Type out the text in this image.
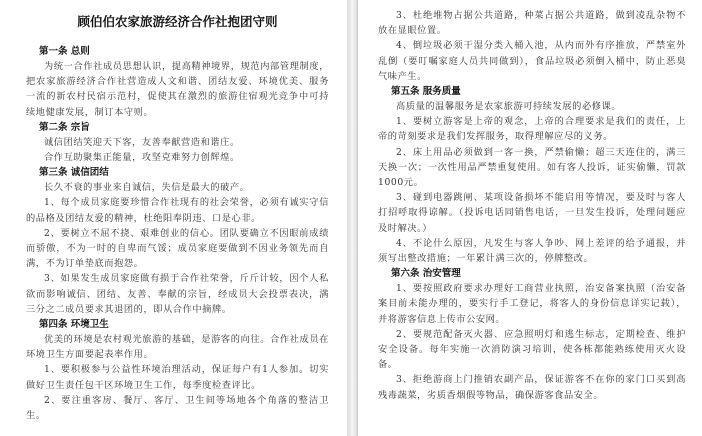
顾伯伯农家旅游经济合作社抱团守则
第一条 总则
为统一合作社成员思想认识，提高精神境界，规范内部管理制度，把农家旅游经济合作社营造成人文和谐、团结友爱、环境优美、服务一流的新农村民宿示范村，促使其在激烈的旅游住宿观光竞争中可持续地健康发展，制订本守则。
第二条 宗旨
诚信团结笑迎天下客，友善奉献营造和谐庄。
合作互助聚集正能量，攻坚克难努力创辉煌。
第三条 诚信团结
长久不衰的事业来自诚信，失信是最大的破产。
1、每个成员家庭要珍惜合作社现有的社会荣誉，必须有诚实守信的品格及团结友爱的精神，杜绝阳奉阴违、口是心非。
2、要树立不屈不挠、艰难创业的信心。团队要确立不因眼前成绩而骄傲，不为一时的自卑而气馁；成员家庭要做到不因业务领先而自满，不为订单垫底而抱怨。
3、如果发生成员家庭做有损于合作社荣誉，斤斤计较，因个人私欲而影响诚信、团结、友善、奉献的宗旨，经成员大会投票表决，满三分之二成员要求其退团的，即从合作中摘牌。
第四条 环境卫生
优美的环境是农村观光旅游的基础，是游客的向往。合作社成员在环境卫生方面要起表率作用。
1、要积极参与公益性环境治理活动，保证每户有1人参加。切实做好卫生责任包干区环境卫生工作，每季度检查评比。
2、要注重客房、餐厅、客厅、卫生间等场地各个角落的整洁卫生。
3、杜绝堆物占据公共道路，种菜占据公共道路，做到凌乱杂物不放在显眼位置。
4、倒垃圾必须干湿分类入桶入池，从内而外有序推放，严禁室外乱倒（要叮嘱家庭人员共同做到），食品垃圾必须倒入桶中，防止恶臭气味产生。
第五条 服务质量
高质量的温馨服务是农家旅游可持续发展的必修课。
1、要树立游客是上帝的观念，上帝的合理要求是我们的责任，上帝的苛刻要求是我们发挥服务，取得理解应尽的义务。
2、床上用品必须做到一客一换，严禁偷懒；超三天连住的，满三天换一次；一次性用品严禁重复使用。如有客人投诉，证实偷懒，罚款1000元。
3、碰到电器跳闸、某项设备损坏不能启用等情况，要及时与客人打招呼取得谅解。（投诉电话同销售电话，一旦发生投诉，处理问题应及时解决。）
4、不论什么原因，凡发生与客人争吵、网上差评的给予通报，并须写出整改措施；一年累计满三次的，停牌整改。
第六条 治安管理
1、要按照政府要求办理好工商营业执照，治安备案执照（治安备案目前未能办理的，要实行手工登记，将客人的身份信息详实记载），并将游客信息上传市公安网。
2、要规范配备灭火器、应急照明灯和逃生标志，定期检查、维护安全设备。每年实施一次消防演习培训，使各栋都能熟练使用灭火设备。
3、拒绝游商上门推销农副产品，保证游客不在你的家门口买到高残毒蔬菜，劣质香烟假等物品，确保游客食品安全。
